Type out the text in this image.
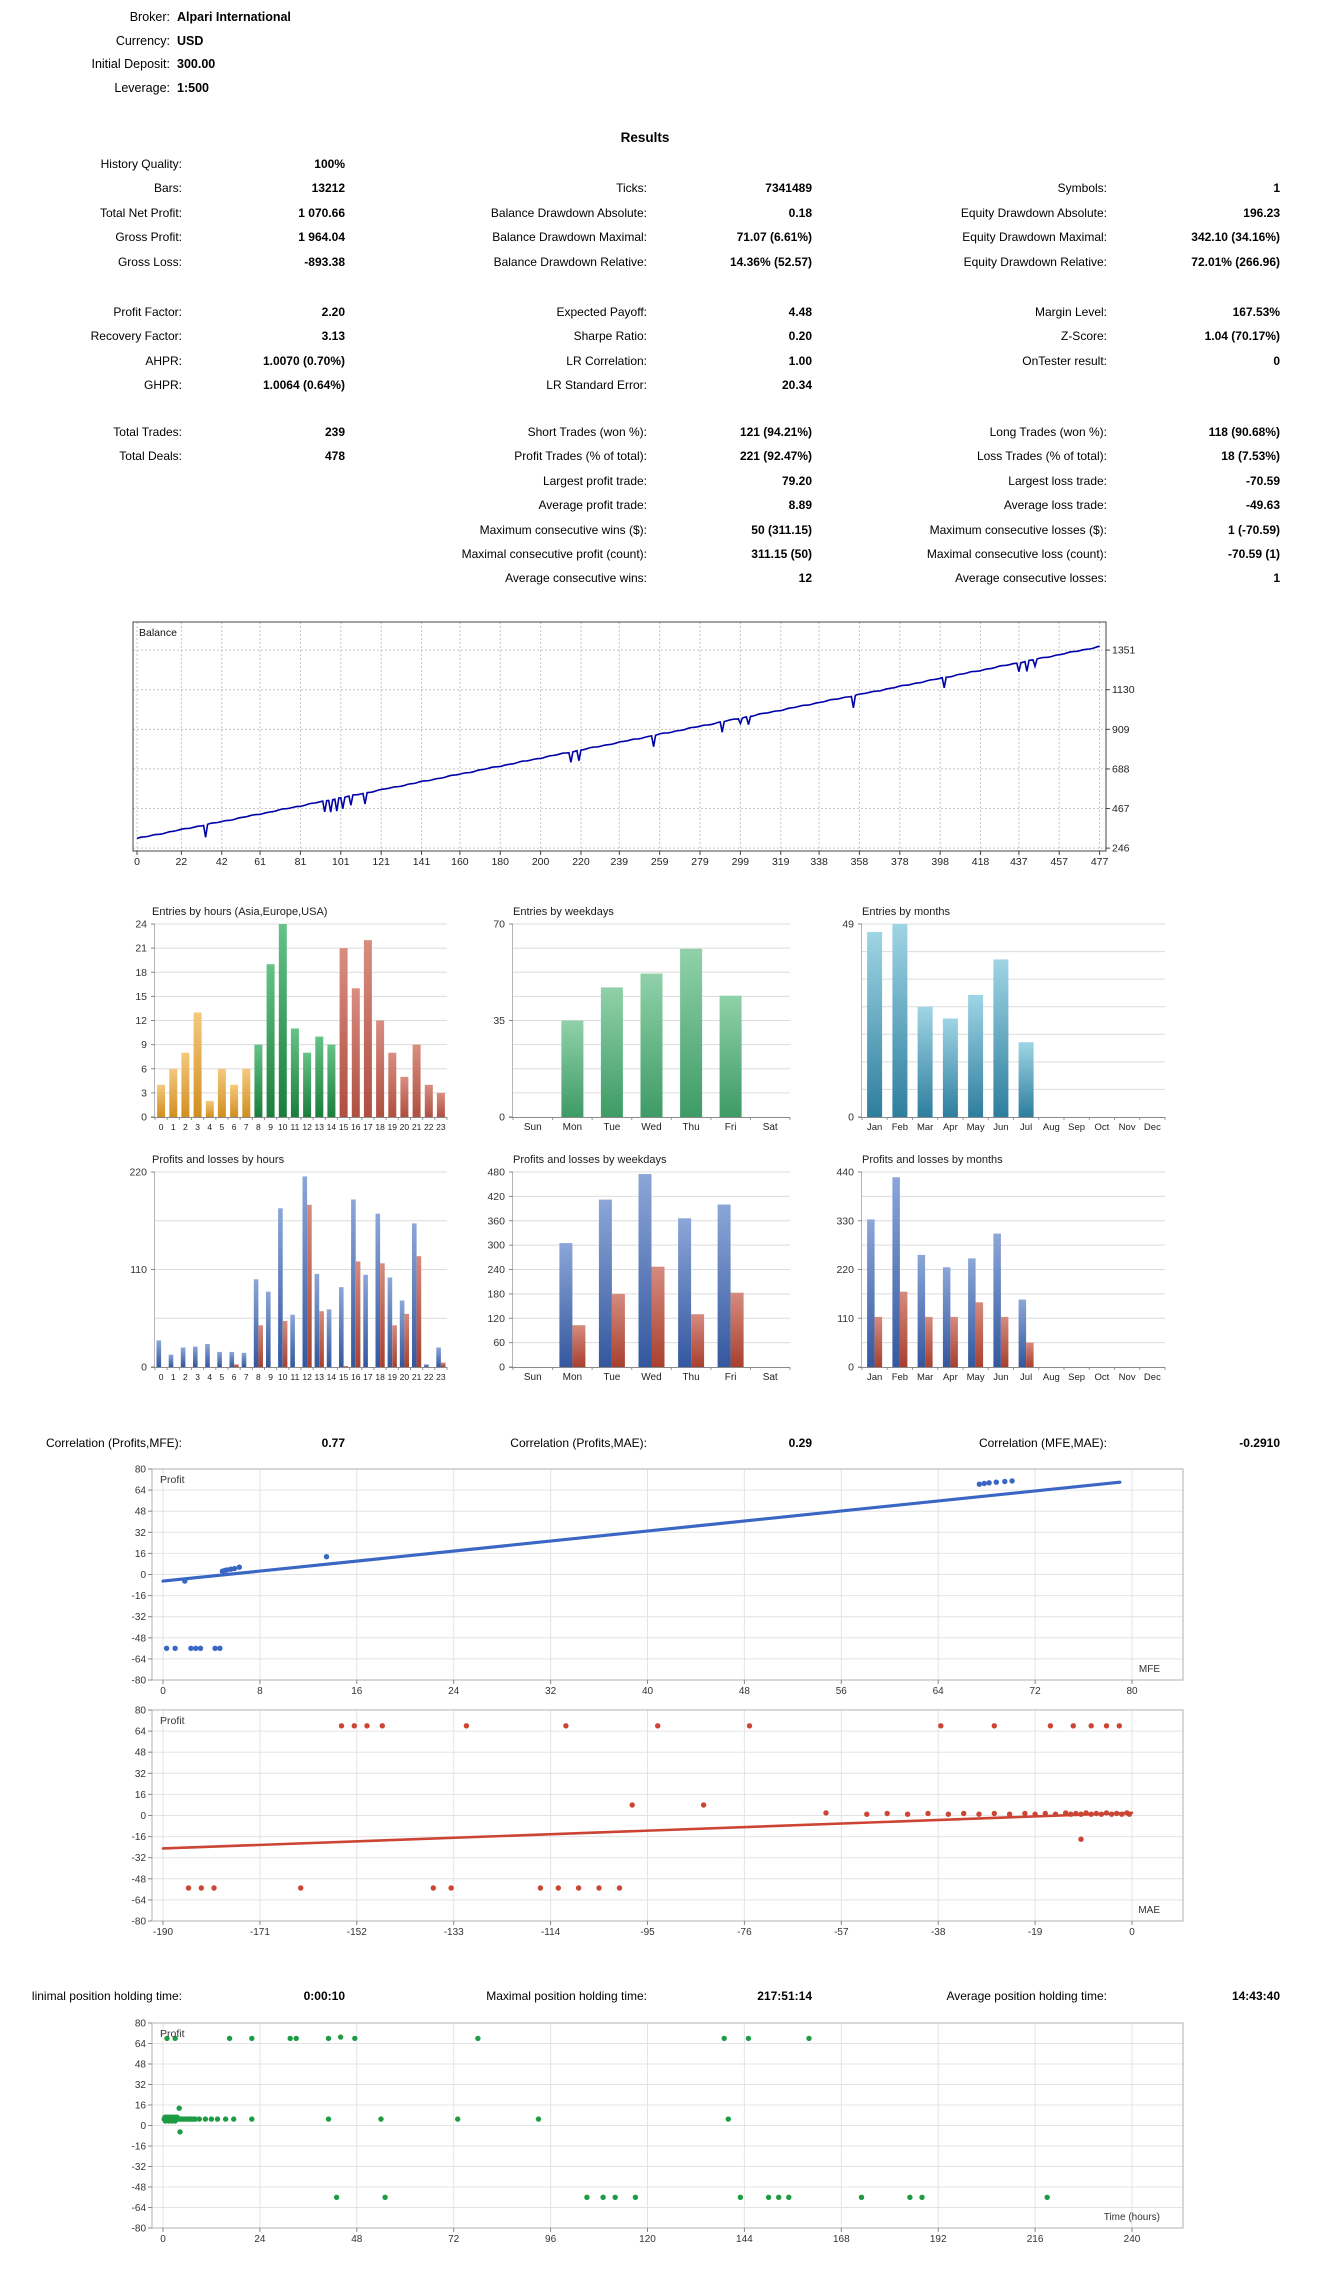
Broker: Alpari International
Currency: USD
Initial Deposit: 300.00
Leverage: 1:500
Results
History Quality:	100%
Bars:	13212	Ticks:	7341489	Symbols:	1
Total Net Profit:	1 070.66	Balance Drawdown Absolute:	0.18	Equity Drawdown Absolute:	196.23
Gross Profit:	1 964.04	Balance Drawdown Maximal:	71.07 (6.61%)	Equity Drawdown Maximal:	342.10 (34.16%)
Gross Loss:	-893.38	Balance Drawdown Relative:	14.36% (52.57)	Equity Drawdown Relative:	72.01% (266.96)
Profit Factor:	2.20	Expected Payoff:	4.48	Margin Level:	167.53%
Recovery Factor:	3.13	Sharpe Ratio:	0.20	Z-Score:	1.04 (70.17%)
AHPR:	1.0070 (0.70%)	LR Correlation:	1.00	OnTester result:	0
GHPR:	1.0064 (0.64%)	LR Standard Error:	20.34
Total Trades:	239	Short Trades (won %):	121 (94.21%)	Long Trades (won %):	118 (90.68%)
Total Deals:	478	Profit Trades (% of total):	221 (92.47%)	Loss Trades (% of total):	18 (7.53%)
Largest profit trade:	79.20	Largest loss trade:	-70.59
Average profit trade:	8.89	Average loss trade:	-49.63
Maximum consecutive wins ($):	50 (311.15)	Maximum consecutive losses ($):	1 (-70.59)
Maximal consecutive profit (count):	311.15 (50)	Maximal consecutive loss (count):	-70.59 (1)
Average consecutive wins:	12	Average consecutive losses:	1
Correlation (Profits,MFE):	0.77	Correlation (Profits,MAE):	0.29	Correlation (MFE,MAE):	-0.2910
linimal position holding time:	0:00:10	Maximal position holding time:	217:51:14	Average position holding time:	14:43:40
Balance
1351
1130
909
688
467
246
0	22	42	61	81 101 121 141 160 180 200 220 239 259 279 299 319 338 358 378 398 418 437 457 477
Entries by hours (Asia,Europe,USA)
0
3
6
9
12
15
18
21
24
0 1 2 3 4 5 6 7 8 9 10 11 12 13 14 15 16 17 18 19 20 21 22 23
Entries by weekdays
0
35
70
Sun Mon Tue Wed Thu	Fri	Sat
Entries by months
0
49
Jan Feb Mar Apr May Jun Jul Aug Sep Oct Nov Dec
Profits and losses by hours
0
110
220
0 1 2 3 4 5 6 7 8 9 10 11 12 13 14 15 16 17 18 19 20 21 22 23
Profits and losses by weekdays
0
60
120
180
240
300
360
420
480
Sun Mon Tue Wed Thu	Fri	Sat
Profits and losses by months
0
110
220
330
440
Jan Feb Mar Apr May Jun Jul Aug Sep Oct Nov Dec
80
64
48
32
16
0
-16
-32
-48
-64
-80
0	8	16	24	32	40	48	56	64	72	80
Profit
MFE
80
64
48
32
16
0
-16
-32
-48
-64
-80
-190	-171	-152	-133	-114	-95	-76	-57	-38	-19	0
Profit
MAE
80
64
48
32
16
0
-16
-32
-48
-64
-80
0	24	48	72	96	120	144	168	192	216	240
Profit
Time (hours)
